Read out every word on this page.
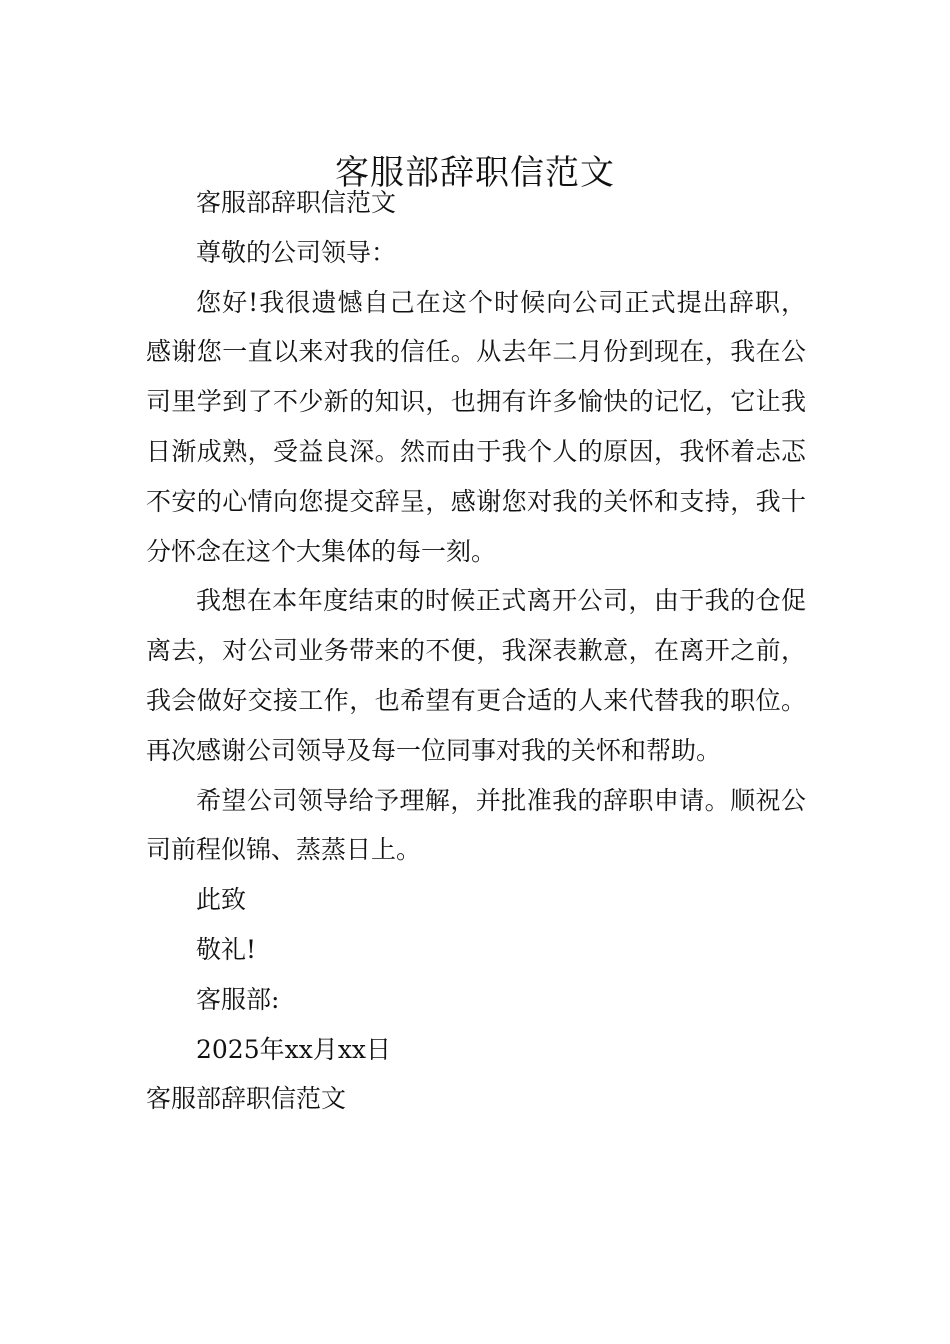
客服部辞职信范文

客服部辞职信范文

尊敬的公司领导：

您好!我很遗憾自己在这个时候向公司正式提出辞职，感谢您一直以来对我的信任。从去年二月份到现在，我在公司里学到了不少新的知识，也拥有许多愉快的记忆，它让我日渐成熟，受益良深。然而由于我个人的原因，我怀着忐忑不安的心情向您提交辞呈，感谢您对我的关怀和支持，我十分怀念在这个大集体的每一刻。

我想在本年度结束的时候正式离开公司，由于我的仓促离去，对公司业务带来的不便，我深表歉意，在离开之前，我会做好交接工作，也希望有更合适的人来代替我的职位。再次感谢公司领导及每一位同事对我的关怀和帮助。

希望公司领导给予理解，并批准我的辞职申请。顺祝公司前程似锦、蒸蒸日上。

此致

敬礼!

客服部:

2025年xx月xx日

客服部辞职信范文
